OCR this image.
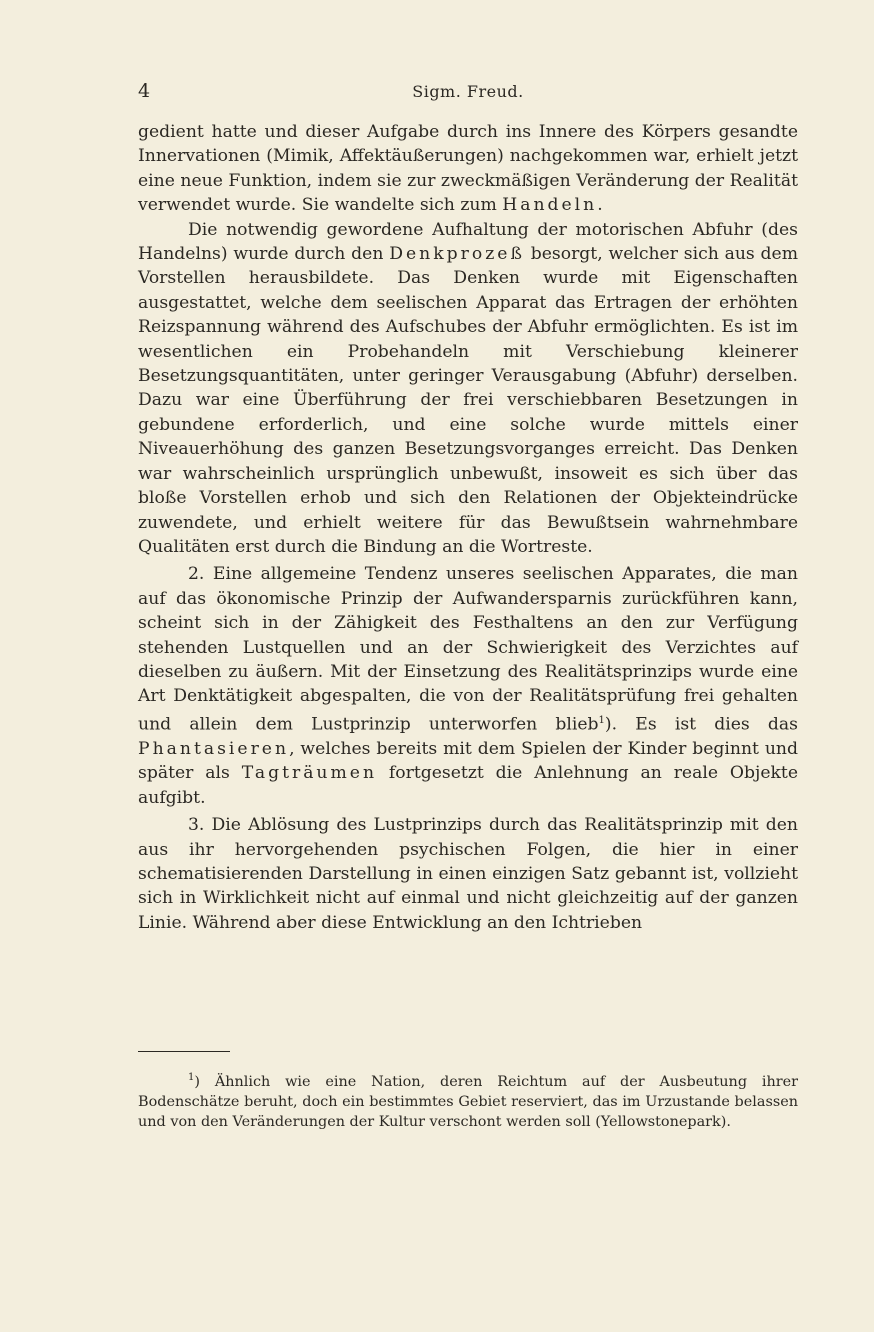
4	Sigm. Freud.

gedient hatte und dieser Aufgabe durch ins Innere des Körpers gesandte Innervationen (Mimik, Affektäußerungen) nachgekommen war, erhielt jetzt eine neue Funktion, indem sie zur zweckmäßigen Veränderung der Realität verwendet wurde. Sie wandelte sich zum Handeln.

Die notwendig gewordene Aufhaltung der motorischen Abfuhr (des Handelns) wurde durch den Denkprozeß besorgt, welcher sich aus dem Vorstellen herausbildete. Das Denken wurde mit Eigenschaften ausgestattet, welche dem seelischen Apparat das Ertragen der erhöhten Reizspannung während des Aufschubes der Abfuhr ermöglichten. Es ist im wesentlichen ein Probehandeln mit Verschiebung kleinerer Besetzungsquantitäten, unter geringer Verausgabung (Abfuhr) derselben. Dazu war eine Überführung der frei verschiebbaren Besetzungen in gebundene erforderlich, und eine solche wurde mittels einer Niveauerhöhung des ganzen Besetzungsvorganges erreicht. Das Denken war wahrscheinlich ursprünglich unbewußt, insoweit es sich über das bloße Vorstellen erhob und sich den Relationen der Objekteindrücke zuwendete, und erhielt weitere für das Bewußtsein wahrnehmbare Qualitäten erst durch die Bindung an die Wortreste.

2. Eine allgemeine Tendenz unseres seelischen Apparates, die man auf das ökonomische Prinzip der Aufwandersparnis zurückführen kann, scheint sich in der Zähigkeit des Festhaltens an den zur Verfügung stehenden Lustquellen und an der Schwierigkeit des Verzichtes auf dieselben zu äußern. Mit der Einsetzung des Realitätsprinzips wurde eine Art Denktätigkeit abgespalten, die von der Realitätsprüfung frei gehalten und allein dem Lustprinzip unterworfen blieb$^1$). Es ist dies das Phantasieren, welches bereits mit dem Spielen der Kinder beginnt und später als Tagträumen fortgesetzt die Anlehnung an reale Objekte aufgibt.

3. Die Ablösung des Lustprinzips durch das Realitätsprinzip mit den aus ihr hervorgehenden psychischen Folgen, die hier in einer schematisierenden Darstellung in einen einzigen Satz gebannt ist, vollzieht sich in Wirklichkeit nicht auf einmal und nicht gleichzeitig auf der ganzen Linie. Während aber diese Entwicklung an den Ichtrieben

$^1$) Ähnlich wie eine Nation, deren Reichtum auf der Ausbeutung ihrer Bodenschätze beruht, doch ein bestimmtes Gebiet reserviert, das im Urzustande belassen und von den Veränderungen der Kultur verschont werden soll (Yellowstonepark).
